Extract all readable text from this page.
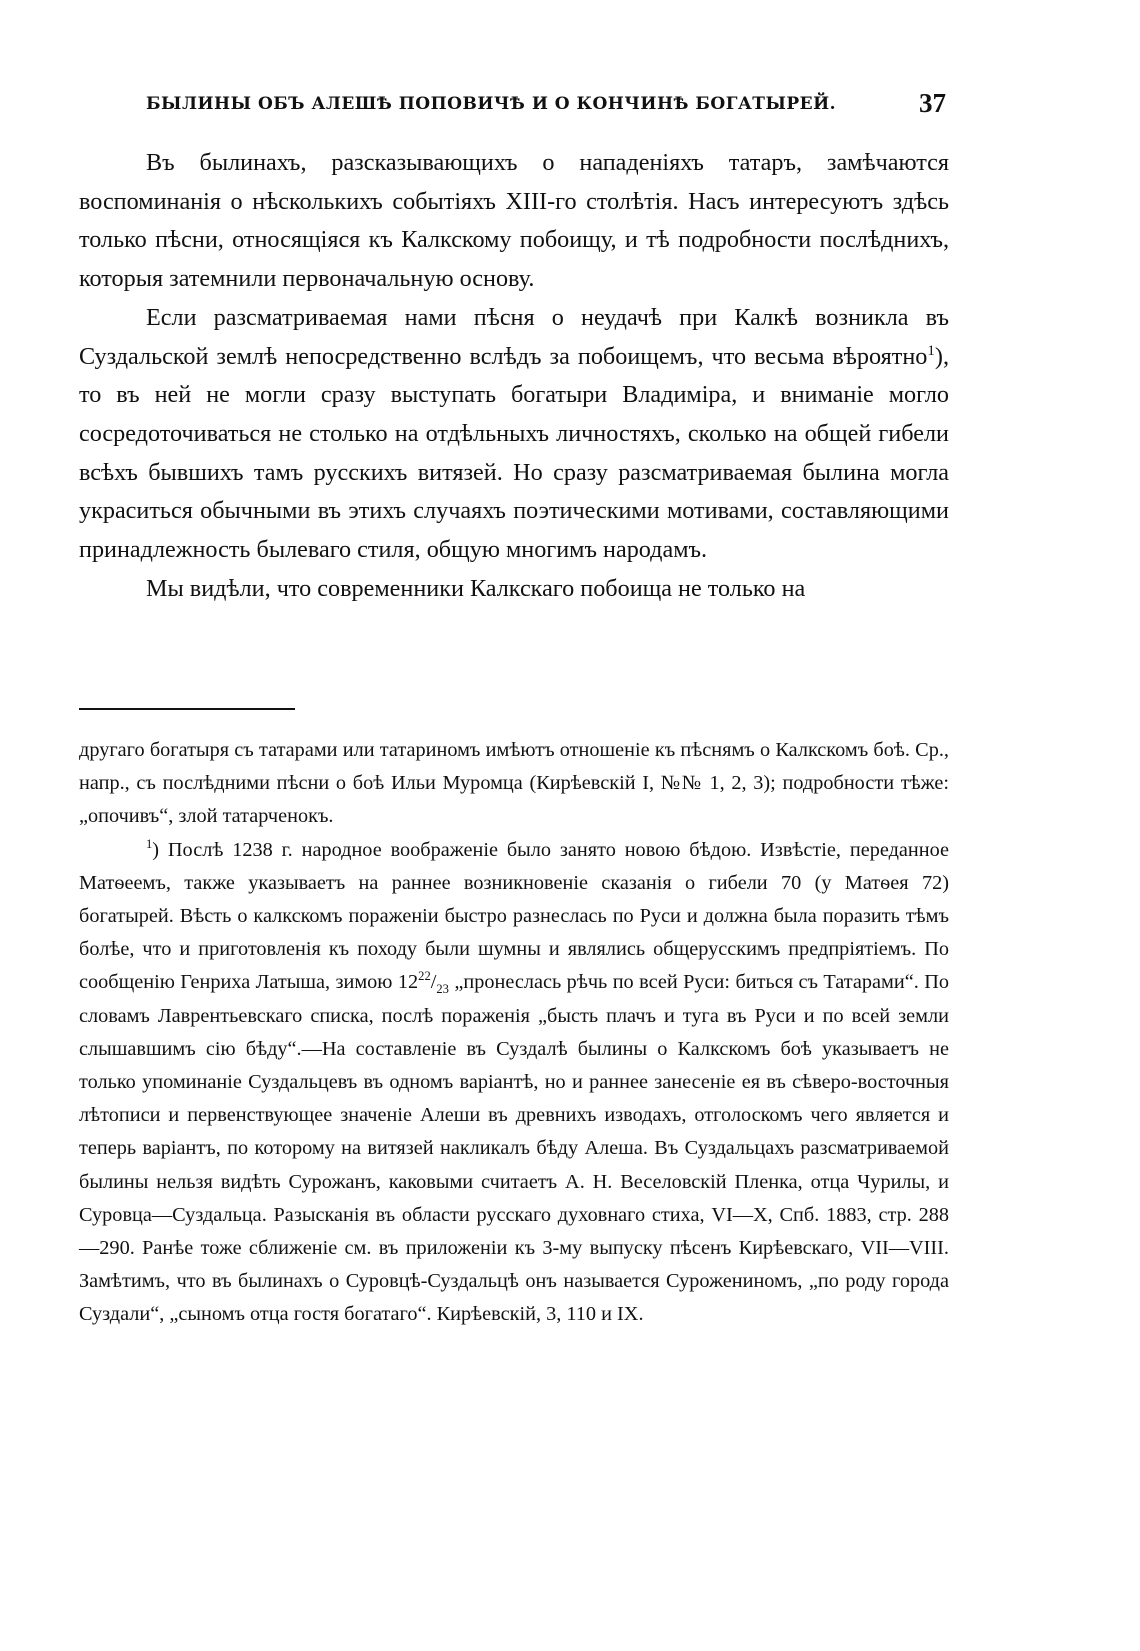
БЫЛИНЫ ОБЪ АЛЕШѢ ПОПОВИЧѢ И О КОНЧИНѢ БОГАТЫРЕЙ.	37

Въ былинахъ, разсказывающихъ о нападеніяхъ татаръ, замѣчаются воспоминанія о нѣсколькихъ событіяхъ XIII-го столѣтія. Насъ интересуютъ здѣсь только пѣсни, относящіяся къ Калкскому побоищу, и тѣ подробности послѣднихъ, которыя затемнили первоначальную основу.

Если разсматриваемая нами пѣсня о неудачѣ при Калкѣ возникла въ Суздальской землѣ непосредственно вслѣдъ за побоищемъ, что весьма вѣроятно$^1$), то въ ней не могли сразу выступать богатыри Владиміра, и вниманіе могло сосредоточиваться не столько на отдѣльныхъ личностяхъ, сколько на общей гибели всѣхъ бывшихъ тамъ русскихъ витязей. Но сразу разсматриваемая былина могла украситься обычными въ этихъ случаяхъ поэтическими мотивами, составляющими принадлежность былеваго стиля, общую многимъ народамъ.

Мы видѣли, что современники Калкскаго побоища не только на

другаго богатыря съ татарами или татариномъ имѣютъ отношеніе къ пѣснямъ о Калкскомъ боѣ. Ср., напр., съ послѣдними пѣсни о боѣ Ильи Муромца (Кирѣевскій I, №№ 1, 2, 3); подробности тѣже: „опочивъ“, злой татарченокъ.

$^1$) Послѣ 1238 г. народное воображеніе было занято новою бѣдою. Извѣстіе, переданное Матѳеемъ, также указываетъ на раннее возникновеніе сказанія о гибели 70 (у Матѳея 72) богатырей. Вѣсть о калкскомъ пораженіи быстро разнеслась по Руси и должна была поразить тѣмъ болѣе, что и приготовленія къ походу были шумны и являлись общерусскимъ предпріятіемъ. По сообщенію Генриха Латыша, зимою $12^{22}/_{23}$ „пронеслась рѣчь по всей Руси: биться съ Татарами“. По словамъ Лаврентьевскаго списка, послѣ пораженія „бысть плачъ и туга въ Руси и по всей земли слышавшимъ сію бѣду“.—На составленіе въ Суздалѣ былины о Калкскомъ боѣ указываетъ не только упоминаніе Суздальцевъ въ одномъ варіантѣ, но и раннее занесеніе ея въ сѣверо-восточныя лѣтописи и первенствующее значеніе Алеши въ древнихъ изводахъ, отголоскомъ чего является и теперь варіантъ, по которому на витязей накликалъ бѣду Алеша. Въ Суздальцахъ разсматриваемой былины нельзя видѣть Сурожанъ, каковыми считаетъ А. Н. Веселовскій Пленка, отца Чурилы, и Суровца—Суздальца. Разысканія въ области русскаго духовнаго стиха, VI—X, Спб. 1883, стр. 288—290. Ранѣе тоже сближеніе см. въ приложеніи къ 3-му выпуску пѣсенъ Кирѣевскаго, VII—VIII. Замѣтимъ, что въ былинахъ о Суровцѣ-Суздальцѣ онъ называется Сурожениномъ, „по роду города Суздали“, „сыномъ отца гостя богатаго“. Кирѣевскій, 3, 110 и IX.
